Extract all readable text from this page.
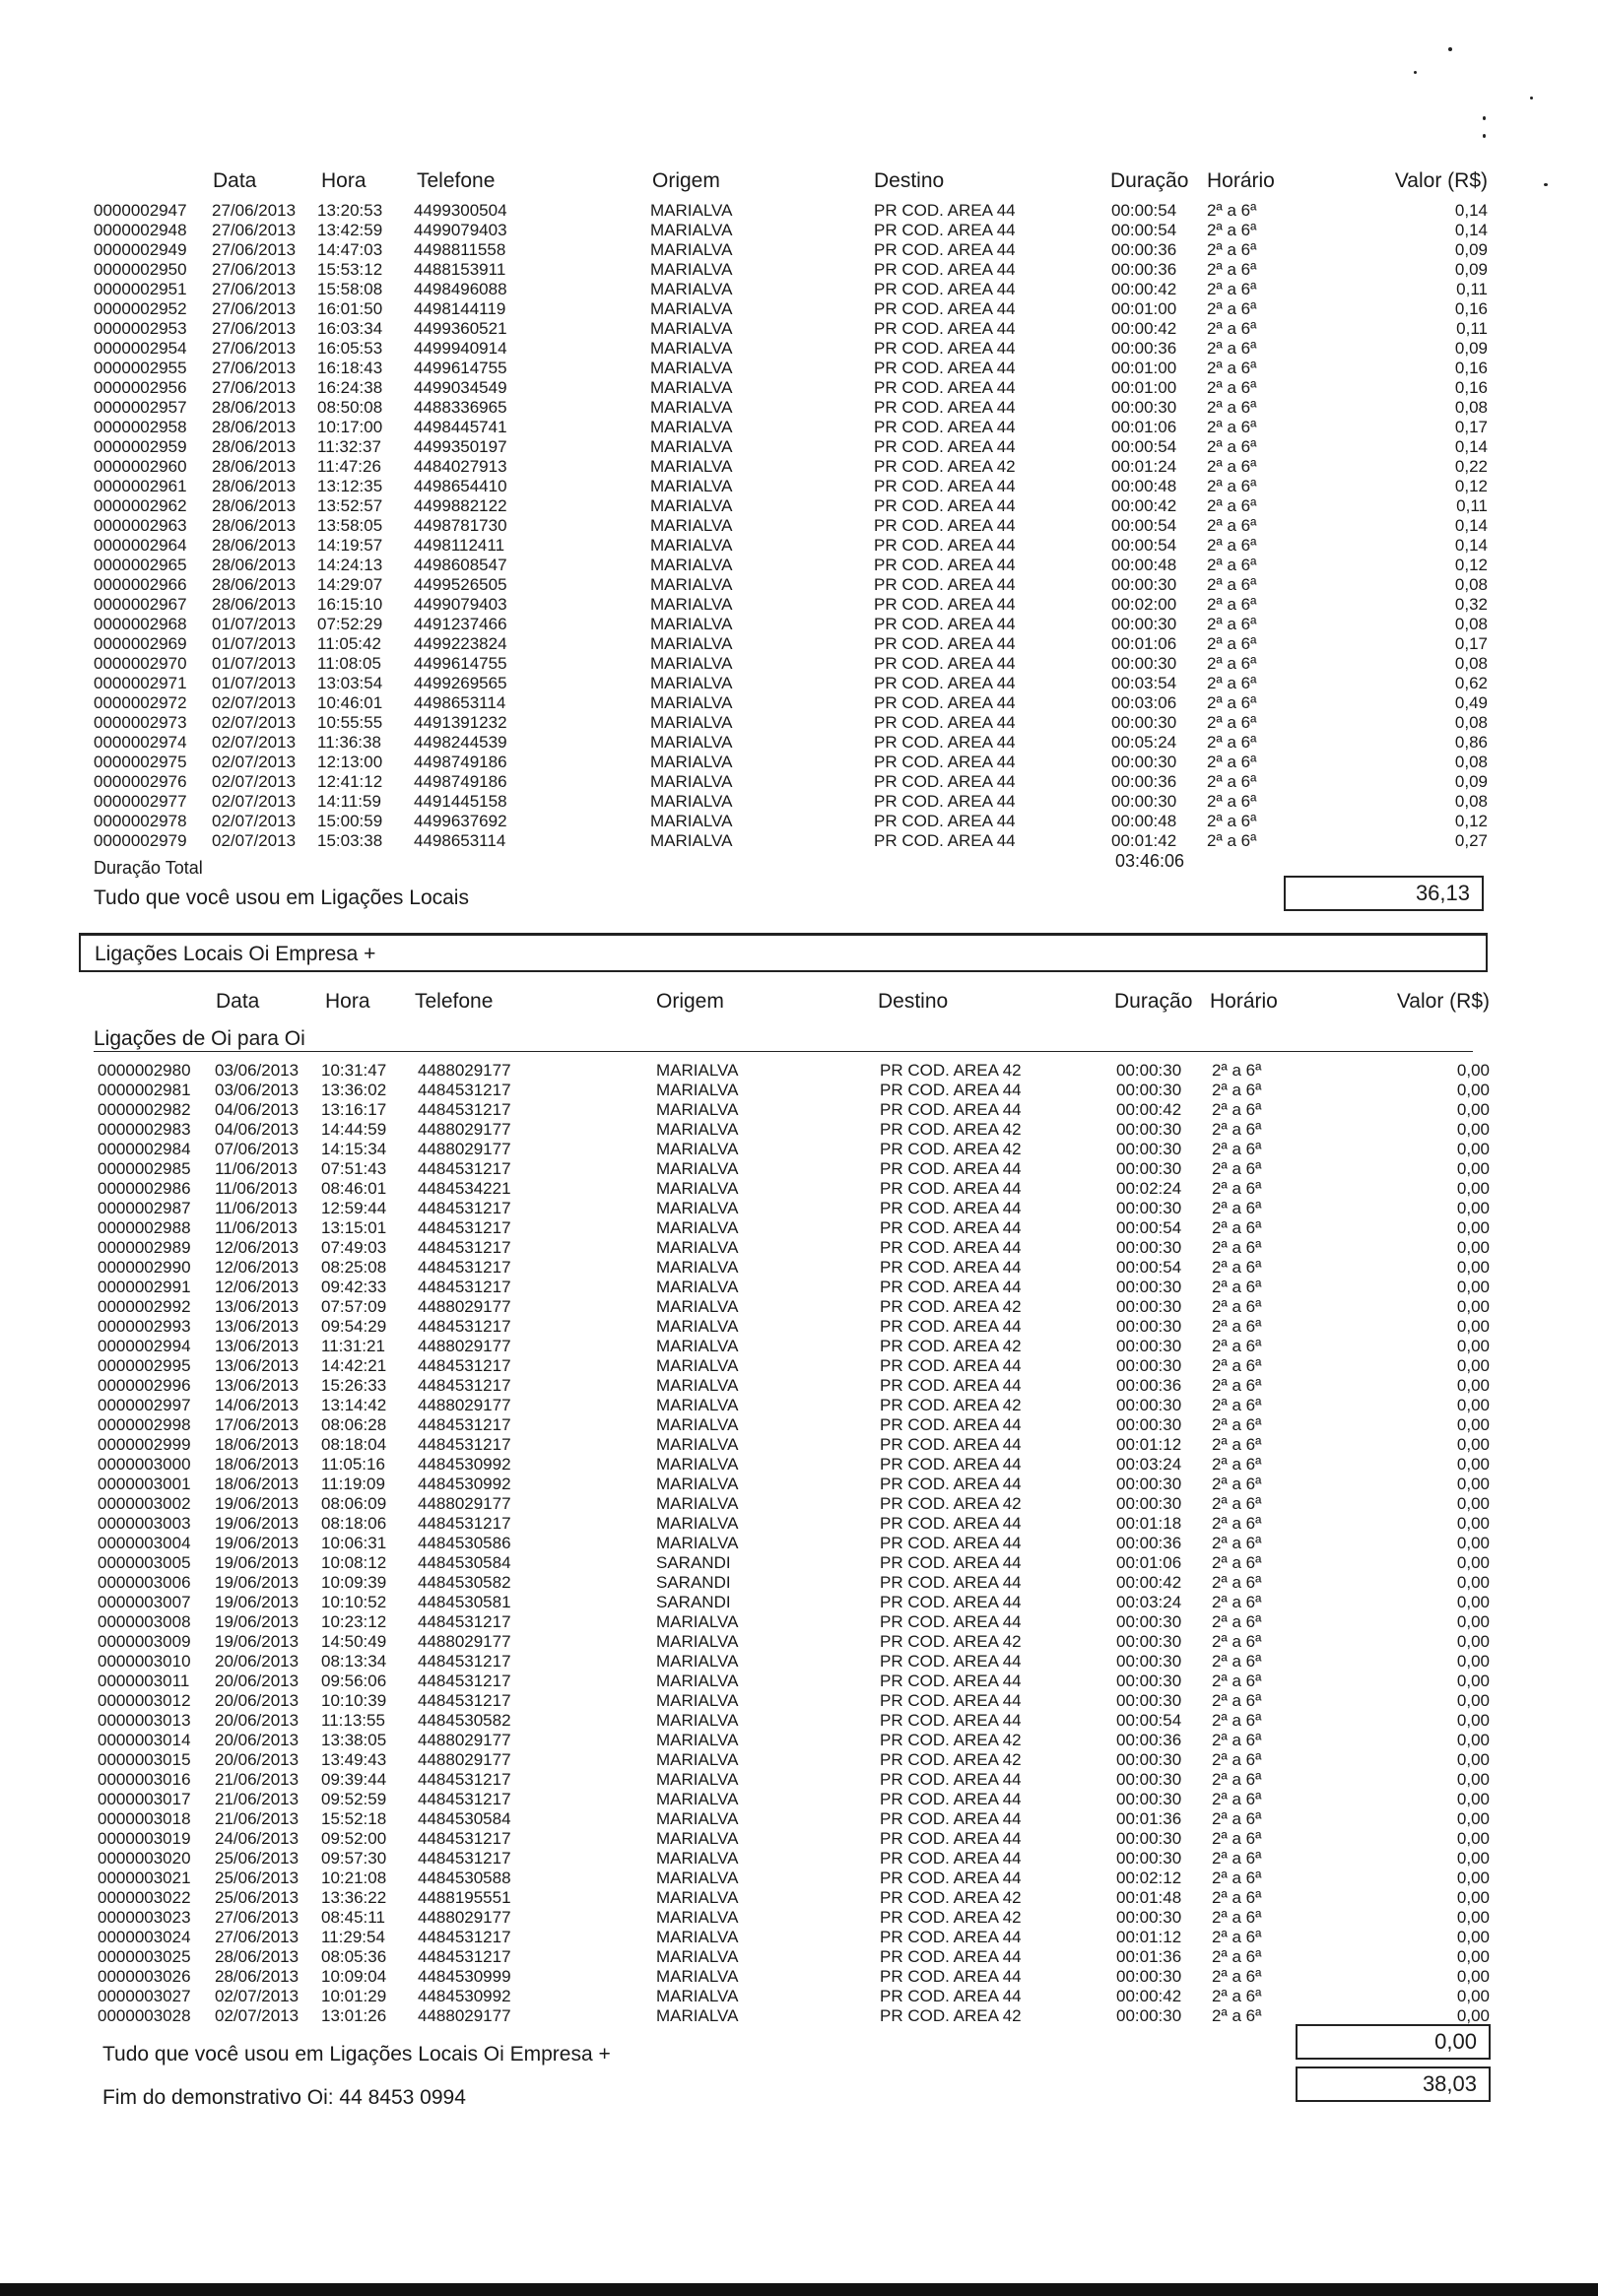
Data	Hora Telefone	Origem	Destino	Duração Horário	Valor (R$)
0000002947 27/06/2013 13:20:53 4499300504	MARIALVA	PR COD. AREA 44	00:00:54 2ª a 6ª	0,14
0000002948 27/06/2013 13:42:59 4499079403	MARIALVA	PR COD. AREA 44	00:00:54 2ª a 6ª	0,14
0000002949 27/06/2013 14:47:03 4498811558	MARIALVA	PR COD. AREA 44	00:00:36 2ª a 6ª	0,09
0000002950 27/06/2013 15:53:12 4488153911	MARIALVA	PR COD. AREA 44	00:00:36 2ª a 6ª	0,09
0000002951 27/06/2013 15:58:08 4498496088	MARIALVA	PR COD. AREA 44	00:00:42 2ª a 6ª	0,11
0000002952 27/06/2013 16:01:50 4498144119	MARIALVA	PR COD. AREA 44	00:01:00 2ª a 6ª	0,16
0000002953 27/06/2013 16:03:34 4499360521	MARIALVA	PR COD. AREA 44	00:00:42 2ª a 6ª	0,11
0000002954 27/06/2013 16:05:53 4499940914	MARIALVA	PR COD. AREA 44	00:00:36 2ª a 6ª	0,09
0000002955 27/06/2013 16:18:43 4499614755	MARIALVA	PR COD. AREA 44	00:01:00 2ª a 6ª	0,16
0000002956 27/06/2013 16:24:38 4499034549	MARIALVA	PR COD. AREA 44	00:01:00 2ª a 6ª	0,16
0000002957 28/06/2013 08:50:08 4488336965	MARIALVA	PR COD. AREA 44	00:00:30 2ª a 6ª	0,08
0000002958 28/06/2013 10:17:00 4498445741	MARIALVA	PR COD. AREA 44	00:01:06 2ª a 6ª	0,17
0000002959 28/06/2013 11:32:37 4499350197	MARIALVA	PR COD. AREA 44	00:00:54 2ª a 6ª	0,14
0000002960 28/06/2013 11:47:26 4484027913	MARIALVA	PR COD. AREA 42	00:01:24 2ª a 6ª	0,22
0000002961 28/06/2013 13:12:35 4498654410	MARIALVA	PR COD. AREA 44	00:00:48 2ª a 6ª	0,12
0000002962 28/06/2013 13:52:57 4499882122	MARIALVA	PR COD. AREA 44	00:00:42 2ª a 6ª	0,11
0000002963 28/06/2013 13:58:05 4498781730	MARIALVA	PR COD. AREA 44	00:00:54 2ª a 6ª	0,14
0000002964 28/06/2013 14:19:57 4498112411	MARIALVA	PR COD. AREA 44	00:00:54 2ª a 6ª	0,14
0000002965 28/06/2013 14:24:13 4498608547	MARIALVA	PR COD. AREA 44	00:00:48 2ª a 6ª	0,12
0000002966 28/06/2013 14:29:07 4499526505	MARIALVA	PR COD. AREA 44	00:00:30 2ª a 6ª	0,08
0000002967 28/06/2013 16:15:10 4499079403	MARIALVA	PR COD. AREA 44	00:02:00 2ª a 6ª	0,32
0000002968 01/07/2013 07:52:29 4491237466	MARIALVA	PR COD. AREA 44	00:00:30 2ª a 6ª	0,08
0000002969 01/07/2013 11:05:42 4499223824	MARIALVA	PR COD. AREA 44	00:01:06 2ª a 6ª	0,17
0000002970 01/07/2013 11:08:05 4499614755	MARIALVA	PR COD. AREA 44	00:00:30 2ª a 6ª	0,08
0000002971 01/07/2013 13:03:54 4499269565	MARIALVA	PR COD. AREA 44	00:03:54 2ª a 6ª	0,62
0000002972 02/07/2013 10:46:01 4498653114	MARIALVA	PR COD. AREA 44	00:03:06 2ª a 6ª	0,49
0000002973 02/07/2013 10:55:55 4491391232	MARIALVA	PR COD. AREA 44	00:00:30 2ª a 6ª	0,08
0000002974 02/07/2013 11:36:38 4498244539	MARIALVA	PR COD. AREA 44	00:05:24 2ª a 6ª	0,86
0000002975 02/07/2013 12:13:00 4498749186	MARIALVA	PR COD. AREA 44	00:00:30 2ª a 6ª	0,08
0000002976 02/07/2013 12:41:12 4498749186	MARIALVA	PR COD. AREA 44	00:00:36 2ª a 6ª	0,09
0000002977 02/07/2013 14:11:59 4491445158	MARIALVA	PR COD. AREA 44	00:00:30 2ª a 6ª	0,08
0000002978 02/07/2013 15:00:59 4499637692	MARIALVA	PR COD. AREA 44	00:00:48 2ª a 6ª	0,12
0000002979 02/07/2013 15:03:38 4498653114	MARIALVA	PR COD. AREA 44	00:01:42 2ª a 6ª	0,27
Duração Total	03:46:06
Tudo que você usou em Ligações Locais	36,13
Ligações Locais Oi Empresa +
Data	Hora Telefone	Origem	Destino	Duração Horário	Valor (R$)
Ligações de Oi para Oi
0000002980 03/06/2013 10:31:47 4488029177	MARIALVA	PR COD. AREA 42	00:00:30 2ª a 6ª	0,00
0000002981 03/06/2013 13:36:02 4484531217	MARIALVA	PR COD. AREA 44	00:00:30 2ª a 6ª	0,00
0000002982 04/06/2013 13:16:17 4484531217	MARIALVA	PR COD. AREA 44	00:00:42 2ª a 6ª	0,00
0000002983 04/06/2013 14:44:59 4488029177	MARIALVA	PR COD. AREA 42	00:00:30 2ª a 6ª	0,00
0000002984 07/06/2013 14:15:34 4488029177	MARIALVA	PR COD. AREA 42	00:00:30 2ª a 6ª	0,00
0000002985 11/06/2013 07:51:43 4484531217	MARIALVA	PR COD. AREA 44	00:00:30 2ª a 6ª	0,00
0000002986 11/06/2013 08:46:01 4484534221	MARIALVA	PR COD. AREA 44	00:02:24 2ª a 6ª	0,00
0000002987 11/06/2013 12:59:44 4484531217	MARIALVA	PR COD. AREA 44	00:00:30 2ª a 6ª	0,00
0000002988 11/06/2013 13:15:01 4484531217	MARIALVA	PR COD. AREA 44	00:00:54 2ª a 6ª	0,00
0000002989 12/06/2013 07:49:03 4484531217	MARIALVA	PR COD. AREA 44	00:00:30 2ª a 6ª	0,00
0000002990 12/06/2013 08:25:08 4484531217	MARIALVA	PR COD. AREA 44	00:00:54 2ª a 6ª	0,00
0000002991 12/06/2013 09:42:33 4484531217	MARIALVA	PR COD. AREA 44	00:00:30 2ª a 6ª	0,00
0000002992 13/06/2013 07:57:09 4488029177	MARIALVA	PR COD. AREA 42	00:00:30 2ª a 6ª	0,00
0000002993 13/06/2013 09:54:29 4484531217	MARIALVA	PR COD. AREA 44	00:00:30 2ª a 6ª	0,00
0000002994 13/06/2013 11:31:21 4488029177	MARIALVA	PR COD. AREA 42	00:00:30 2ª a 6ª	0,00
0000002995 13/06/2013 14:42:21 4484531217	MARIALVA	PR COD. AREA 44	00:00:30 2ª a 6ª	0,00
0000002996 13/06/2013 15:26:33 4484531217	MARIALVA	PR COD. AREA 44	00:00:36 2ª a 6ª	0,00
0000002997 14/06/2013 13:14:42 4488029177	MARIALVA	PR COD. AREA 42	00:00:30 2ª a 6ª	0,00
0000002998 17/06/2013 08:06:28 4484531217	MARIALVA	PR COD. AREA 44	00:00:30 2ª a 6ª	0,00
0000002999 18/06/2013 08:18:04 4484531217	MARIALVA	PR COD. AREA 44	00:01:12 2ª a 6ª	0,00
0000003000 18/06/2013 11:05:16 4484530992	MARIALVA	PR COD. AREA 44	00:03:24 2ª a 6ª	0,00
0000003001 18/06/2013 11:19:09 4484530992	MARIALVA	PR COD. AREA 44	00:00:30 2ª a 6ª	0,00
0000003002 19/06/2013 08:06:09 4488029177	MARIALVA	PR COD. AREA 42	00:00:30 2ª a 6ª	0,00
0000003003 19/06/2013 08:18:06 4484531217	MARIALVA	PR COD. AREA 44	00:01:18 2ª a 6ª	0,00
0000003004 19/06/2013 10:06:31 4484530586	MARIALVA	PR COD. AREA 44	00:00:36 2ª a 6ª	0,00
0000003005 19/06/2013 10:08:12 4484530584	SARANDI	PR COD. AREA 44	00:01:06 2ª a 6ª	0,00
0000003006 19/06/2013 10:09:39 4484530582	SARANDI	PR COD. AREA 44	00:00:42 2ª a 6ª	0,00
0000003007 19/06/2013 10:10:52 4484530581	SARANDI	PR COD. AREA 44	00:03:24 2ª a 6ª	0,00
0000003008 19/06/2013 10:23:12 4484531217	MARIALVA	PR COD. AREA 44	00:00:30 2ª a 6ª	0,00
0000003009 19/06/2013 14:50:49 4488029177	MARIALVA	PR COD. AREA 42	00:00:30 2ª a 6ª	0,00
0000003010 20/06/2013 08:13:34 4484531217	MARIALVA	PR COD. AREA 44	00:00:30 2ª a 6ª	0,00
0000003011 20/06/2013 09:56:06 4484531217	MARIALVA	PR COD. AREA 44	00:00:30 2ª a 6ª	0,00
0000003012 20/06/2013 10:10:39 4484531217	MARIALVA	PR COD. AREA 44	00:00:30 2ª a 6ª	0,00
0000003013 20/06/2013 11:13:55 4484530582	MARIALVA	PR COD. AREA 44	00:00:54 2ª a 6ª	0,00
0000003014 20/06/2013 13:38:05 4488029177	MARIALVA	PR COD. AREA 42	00:00:36 2ª a 6ª	0,00
0000003015 20/06/2013 13:49:43 4488029177	MARIALVA	PR COD. AREA 42	00:00:30 2ª a 6ª	0,00
0000003016 21/06/2013 09:39:44 4484531217	MARIALVA	PR COD. AREA 44	00:00:30 2ª a 6ª	0,00
0000003017 21/06/2013 09:52:59 4484531217	MARIALVA	PR COD. AREA 44	00:00:30 2ª a 6ª	0,00
0000003018 21/06/2013 15:52:18 4484530584	MARIALVA	PR COD. AREA 44	00:01:36 2ª a 6ª	0,00
0000003019 24/06/2013 09:52:00 4484531217	MARIALVA	PR COD. AREA 44	00:00:30 2ª a 6ª	0,00
0000003020 25/06/2013 09:57:30 4484531217	MARIALVA	PR COD. AREA 44	00:00:30 2ª a 6ª	0,00
0000003021 25/06/2013 10:21:08 4484530588	MARIALVA	PR COD. AREA 44	00:02:12 2ª a 6ª	0,00
0000003022 25/06/2013 13:36:22 4488195551	MARIALVA	PR COD. AREA 42	00:01:48 2ª a 6ª	0,00
0000003023 27/06/2013 08:45:11 4488029177	MARIALVA	PR COD. AREA 42	00:00:30 2ª a 6ª	0,00
0000003024 27/06/2013 11:29:54 4484531217	MARIALVA	PR COD. AREA 44	00:01:12 2ª a 6ª	0,00
0000003025 28/06/2013 08:05:36 4484531217	MARIALVA	PR COD. AREA 44	00:01:36 2ª a 6ª	0,00
0000003026 28/06/2013 10:09:04 4484530999	MARIALVA	PR COD. AREA 44	00:00:30 2ª a 6ª	0,00
0000003027 02/07/2013 10:01:29 4484530992	MARIALVA	PR COD. AREA 44	00:00:42 2ª a 6ª	0,00
0000003028 02/07/2013 13:01:26 4488029177	MARIALVA	PR COD. AREA 42	00:00:30 2ª a 6ª	0,00
0,00
Tudo que você usou em Ligações Locais Oi Empresa +
38,03
Fim do demonstrativo Oi: 44 8453 0994
